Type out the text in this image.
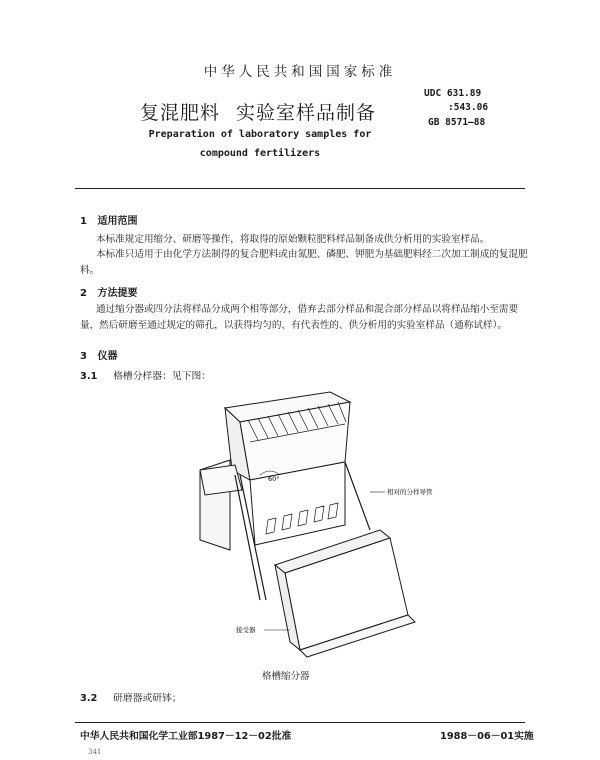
中华人民共和国国家标准
复混肥料 实验室样品制备
Preparation of laboratory samples for
compound fertilizers
UDC 631.89
:543.06
GB 8571—88
1 适用范围
本标准规定用缩分、研磨等操作，将取得的原始颗粒肥料样品制备成供分析用的实验室样品。
本标准只适用于由化学方法制得的复合肥料或由氮肥、磷肥、钾肥为基础肥料经二次加工制成的复混肥料。
2 方法提要
通过缩分器或四分法将样品分成两个相等部分，借弃去部分样品和混合部分样品以将样品缩小至需要量，然后研磨至通过规定的筛孔，以获得均匀的、有代表性的、供分析用的实验室样品（通称试样）。
3 仪器
3.1 格槽分样器：见下图：
60°
相对的分样导管
接受器
格槽缩分器
3.2 研磨器或研钵；
中华人民共和国化学工业部1987－12－02批准	1988－06－01实施
341
